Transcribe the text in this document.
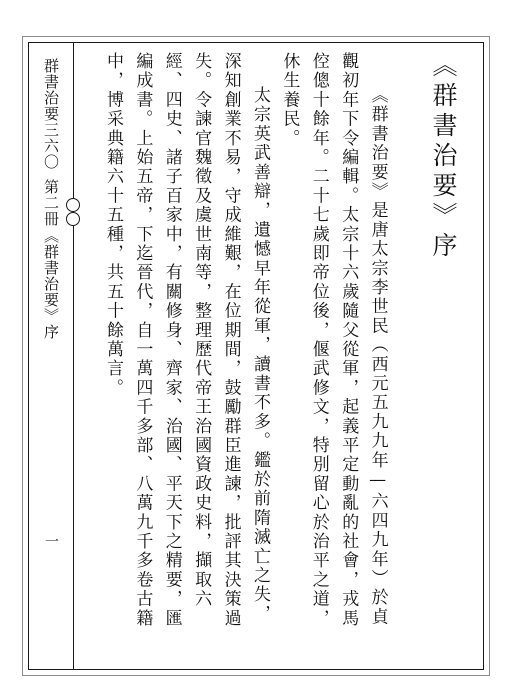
群書治要三六〇
第二冊
《群書治要》序
一
《群書治要》序

《群書治要》是唐太宗李世民（西元五九九年—六四九年）於貞觀初年下令編輯。太宗十六歲隨父從軍，起義平定動亂的社會，戎馬倥傯十餘年。二十七歲即帝位後，偃武修文，特別留心於治平之道，

休生養民。

太宗英武善辯，遺憾早年從軍，讀書不多。鑑於前隋滅亡之失，深知創業不易，守成維艱，在位期間，鼓勵群臣進諫，批評其決策過失。令諫官魏徵及虞世南等，整理歷代帝王治國資政史料，擷取六經、四史、諸子百家中，有關修身、齊家、治國、平天下之精要，匯編成書。上始五帝，下迄晉代，自一萬四千多部、八萬九千多卷古籍中，博采典籍六十五種，共五十餘萬言。
